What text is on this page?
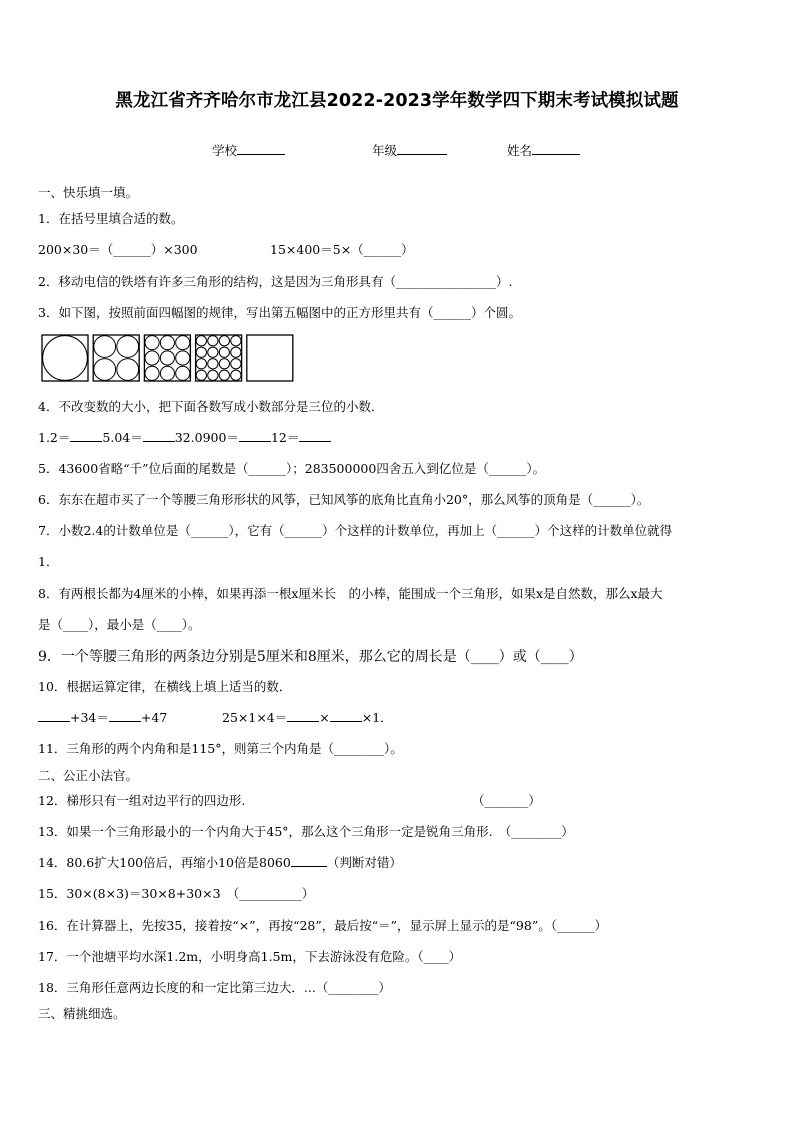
黑龙江省齐齐哈尔市龙江县2022-2023学年数学四下期末考试模拟试题
学校	年级	姓名
一、快乐填一填。
1．在括号里填合适的数。
200×30＝（______）×300	15×400＝5×（______）
2．移动电信的铁塔有许多三角形的结构，这是因为三角形具有（________________）.
3．如下图，按照前面四幅图的规律，写出第五幅图中的正方形里共有（______）个圆。
4．不改变数的大小，把下面各数写成小数部分是三位的小数．
1.2＝	5.04＝	32.0900＝	12＝
5．43600省略“千”位后面的尾数是（______）；283500000四舍五入到亿位是（______）。
6．东东在超市买了一个等腰三角形形状的风筝，已知风筝的底角比直角小20°，那么风筝的顶角是（______）。
7．小数2.4的计数单位是（______），它有（______）个这样的计数单位，再加上（______）个这样的计数单位就得
1．
8．有两根长都为4厘米的小棒，如果再添一根x厘米长　的小棒，能围成一个三角形，如果x是自然数，那么x最大
是（____），最小是（____）。
9．一个等腰三角形的两条边分别是5厘米和8厘米，那么它的周长是（____）或（____）
10．根据运算定律，在横线上填上适当的数．
+34＝	+47	25×1×4＝	×	×1．
11．三角形的两个内角和是115°，则第三个内角是（________）。
二、公正小法官。
12．梯形只有一组对边平行的四边形.	（_______）
13．如果一个三角形最小的一个内角大于45°，那么这个三角形一定是锐角三角形.　（________）
14．80.6扩大100倍后，再缩小10倍是8060	（判断对错）
15．30×(8×3)＝30×8+30×3　（__________）
16．在计算器上，先按35，接着按“×”，再按“28”，最后按“＝”，显示屏上显示的是“98”。（______）
17．一个池塘平均水深1.2m，小明身高1.5m，下去游泳没有危险。（____）
18．三角形任意两边长度的和一定比第三边大．...（________）
三、精挑细选。
